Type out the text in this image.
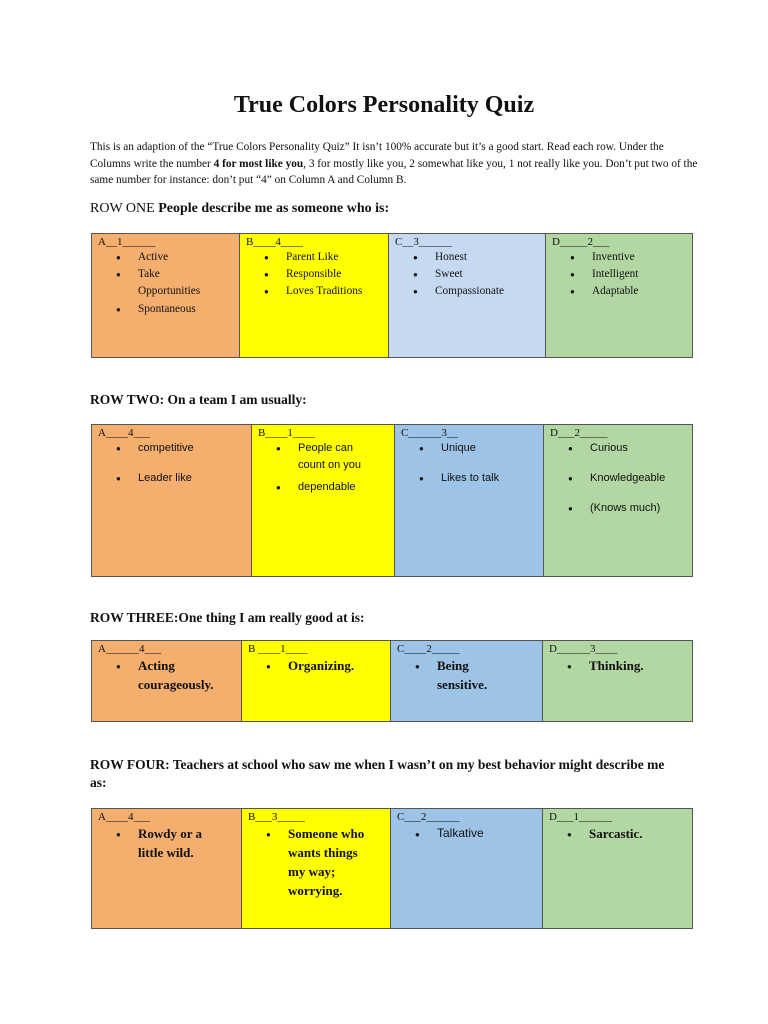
True Colors Personality Quiz
This is an adaption of the “True Colors Personality Quiz” It isn’t 100% accurate but it’s a good start. Read each row. Under the Columns write the number 4 for most like you, 3 for mostly like you, 2 somewhat like you, 1 not really like you. Don’t put two of the same number for instance: don’t put “4” on Column A and Column B.
ROW ONE People describe me as someone who is:
A__1______
● Active
● Take Opportunities
● Spontaneous

B____4____
● Parent Like
● Responsible
● Loves Traditions

C__3______
● Honest
● Sweet
● Compassionate

D_____2___
● Inventive
● Intelligent
● Adaptable
ROW TWO: On a team I am usually:
A____4___
● competitive
● Leader like

B____1____
● People can count on you
● dependable

C______3__
● Unique
● Likes to talk

D___2_____
● Curious
● Knowledgeable
● (Knows much)
ROW THREE:One thing I am really good at is:
A______4___
● Acting courageously.

B ____1____
● Organizing.

C____2_____
● Being sensitive.

D______3____
● Thinking.
ROW FOUR: Teachers at school who saw me when I wasn’t on my best behavior might describe me as:
A____4___
● Rowdy or a little wild.

B___3_____
● Someone who wants things my way; worrying.

C___2______
● Talkative

D___1______
● Sarcastic.
